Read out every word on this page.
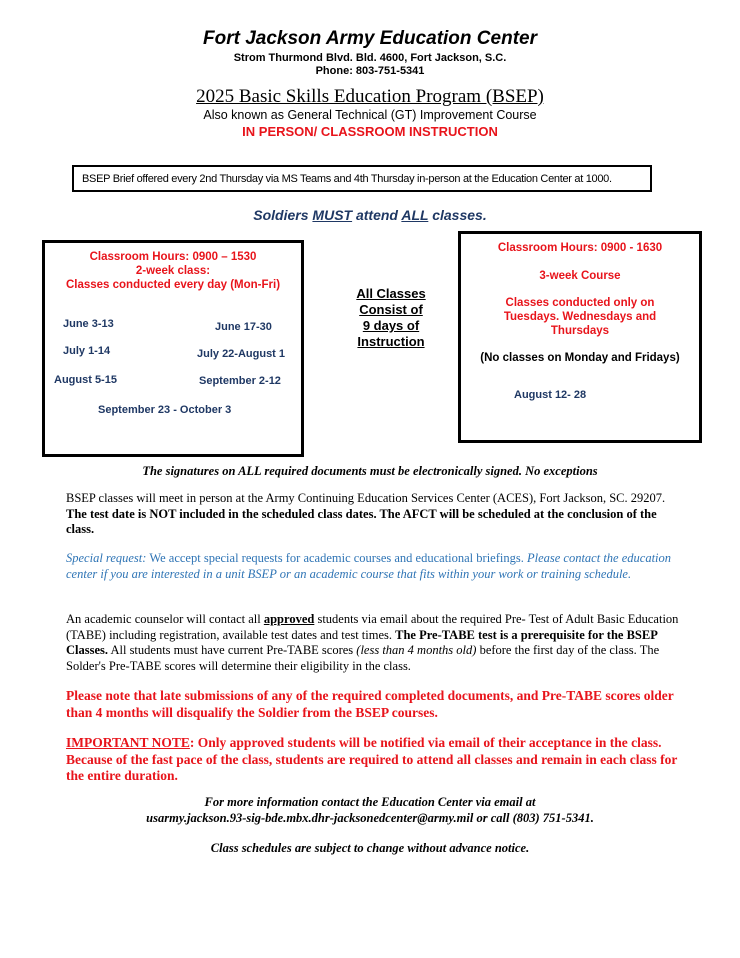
Fort Jackson Army Education Center
Strom Thurmond Blvd. Bld. 4600, Fort Jackson, S.C.
Phone: 803-751-5341
2025 Basic Skills Education Program (BSEP)
Also known as General Technical (GT) Improvement Course
IN PERSON/ CLASSROOM INSTRUCTION
BSEP Brief offered every 2nd Thursday via MS Teams and 4th Thursday in-person at the Education Center at 1000.
Soldiers MUST attend ALL classes.
Classroom Hours: 0900 – 1530
2-week class:
Classes conducted every day (Mon-Fri)
June 3-13	June 17-30
July 1-14	July 22-August 1
August 5-15	September 2-12
September 23 - October 3
All Classes
Consist of
9 days of
Instruction
Classroom Hours: 0900 - 1630
3-week Course
Classes conducted only on
Tuesdays. Wednesdays and
Thursdays
(No classes on Monday and Fridays)
August 12- 28
The signatures on ALL required documents must be electronically signed. No exceptions
BSEP classes will meet in person at the Army Continuing Education Services Center (ACES), Fort Jackson, SC. 29207. The test date is NOT included in the scheduled class dates. The AFCT will be scheduled at the conclusion of the class.
Special request: We accept special requests for academic courses and educational briefings. Please contact the education center if you are interested in a unit BSEP or an academic course that fits within your work or training schedule.
An academic counselor will contact all approved students via email about the required Pre- Test of Adult Basic Education (TABE) including registration, available test dates and test times. The Pre-TABE test is a prerequisite for the BSEP Classes. All students must have current Pre-TABE scores (less than 4 months old) before the first day of the class. The Solder's Pre-TABE scores will determine their eligibility in the class.
Please note that late submissions of any of the required completed documents, and Pre-TABE scores older than 4 months will disqualify the Soldier from the BSEP courses.
IMPORTANT NOTE: Only approved students will be notified via email of their acceptance in the class. Because of the fast pace of the class, students are required to attend all classes and remain in each class for the entire duration.
For more information contact the Education Center via email at
usarmy.jackson.93-sig-bde.mbx.dhr-jacksonedcenter@army.mil or call (803) 751-5341.
Class schedules are subject to change without advance notice.
